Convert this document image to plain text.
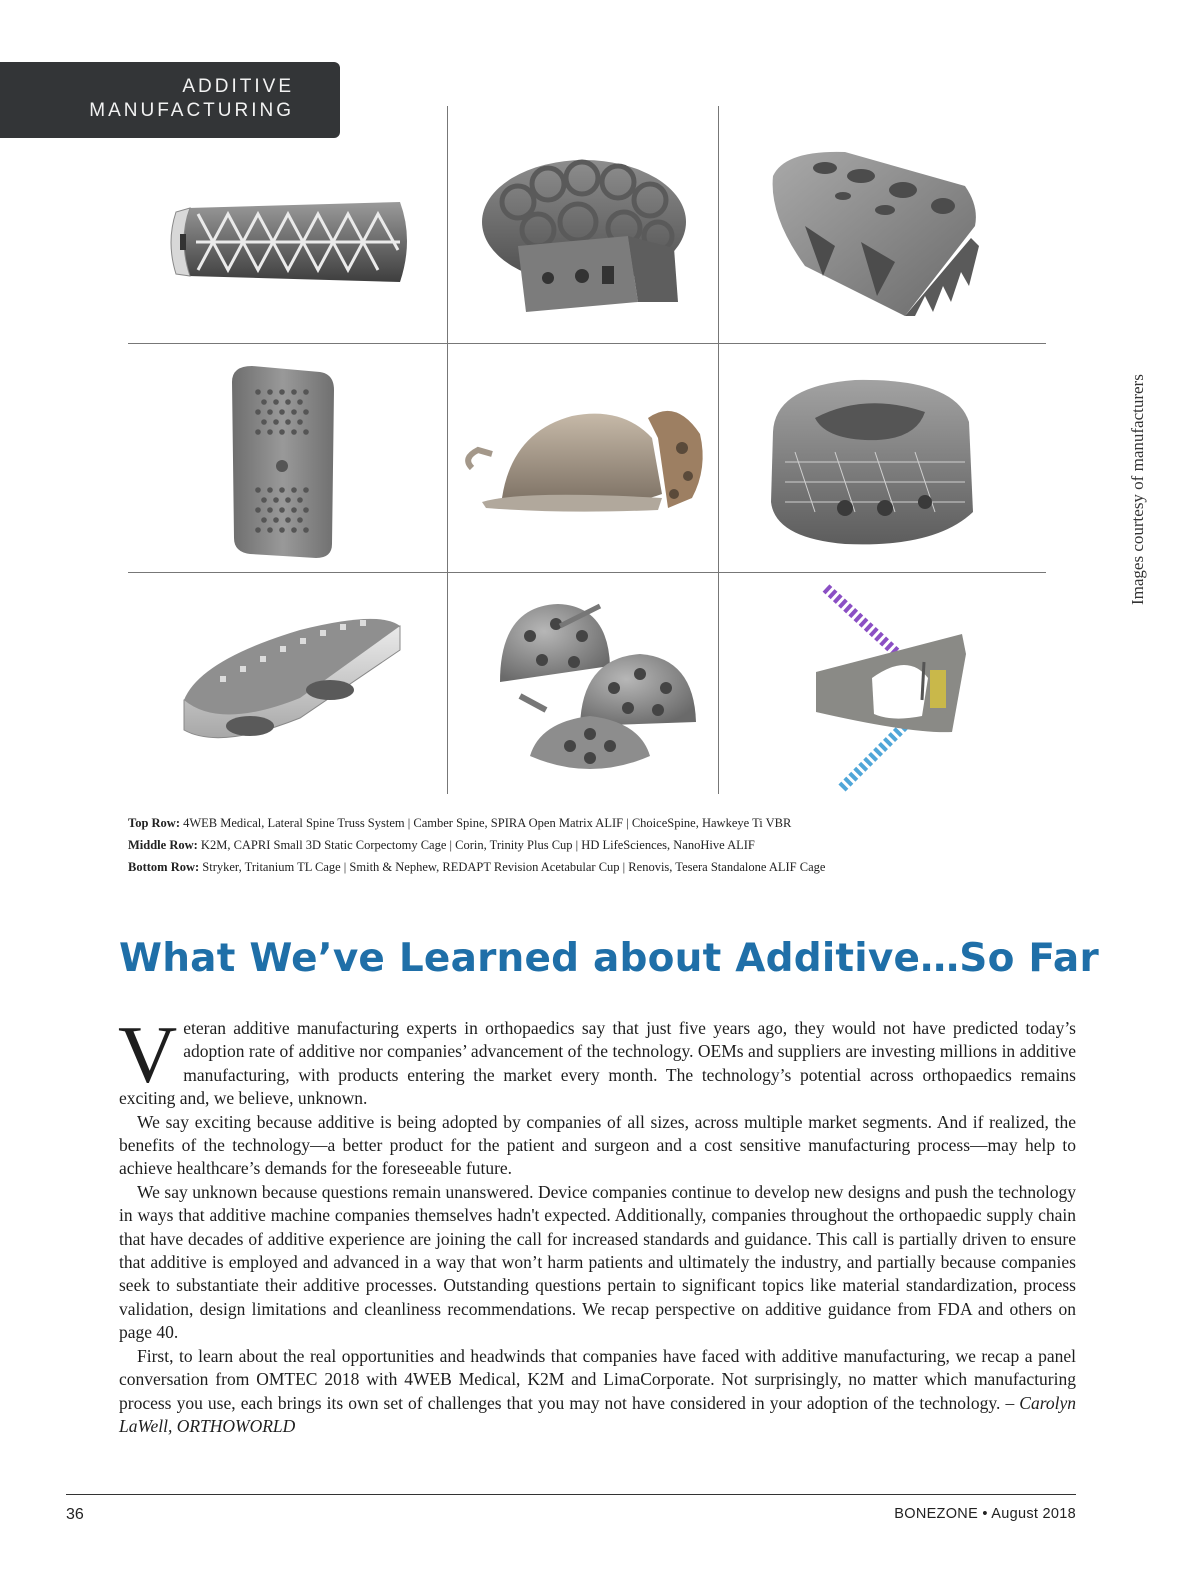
ADDITIVE
MANUFACTURING
Images courtesy of manufacturers
Top Row: 4WEB Medical, Lateral Spine Truss System | Camber Spine, SPIRA Open Matrix ALIF | ChoiceSpine, Hawkeye Ti VBR
Middle Row: K2M, CAPRI Small 3D Static Corpectomy Cage | Corin, Trinity Plus Cup | HD LifeSciences, NanoHive ALIF
Bottom Row: Stryker, Tritanium TL Cage | Smith & Nephew, REDAPT Revision Acetabular Cup | Renovis, Tesera Standalone ALIF Cage
What We’ve Learned about Additive…So Far

Veteran additive manufacturing experts in orthopaedics say that just five years ago, they would not have predicted today’s adoption rate of additive nor companies’ advancement of the technology. OEMs and suppliers are investing millions in additive manufacturing, with products entering the market every month. The technology’s potential across orthopaedics remains exciting and, we believe, unknown.

We say exciting because additive is being adopted by companies of all sizes, across multiple market segments. And if realized, the benefits of the technology—a better product for the patient and surgeon and a cost sensitive manufacturing process—may help to achieve healthcare’s demands for the foreseeable future.

We say unknown because questions remain unanswered. Device companies continue to develop new designs and push the technology in ways that additive machine companies themselves hadn't expected. Additionally, companies throughout the orthopaedic supply chain that have decades of additive experience are joining the call for increased standards and guidance. This call is partially driven to ensure that additive is employed and advanced in a way that won’t harm patients and ultimately the industry, and partially because companies seek to substantiate their additive processes. Outstanding questions pertain to significant topics like material standardization, process validation, design limitations and cleanliness recommendations. We recap perspective on additive guidance from FDA and others on page 40.

First, to learn about the real opportunities and headwinds that companies have faced with additive manufacturing, we recap a panel conversation from OMTEC 2018 with 4WEB Medical, K2M and LimaCorporate. Not surprisingly, no matter which manufacturing process you use, each brings its own set of challenges that you may not have considered in your adoption of the technology. – Carolyn LaWell, ORTHOWORLD

36	BONEZONE • August 2018
